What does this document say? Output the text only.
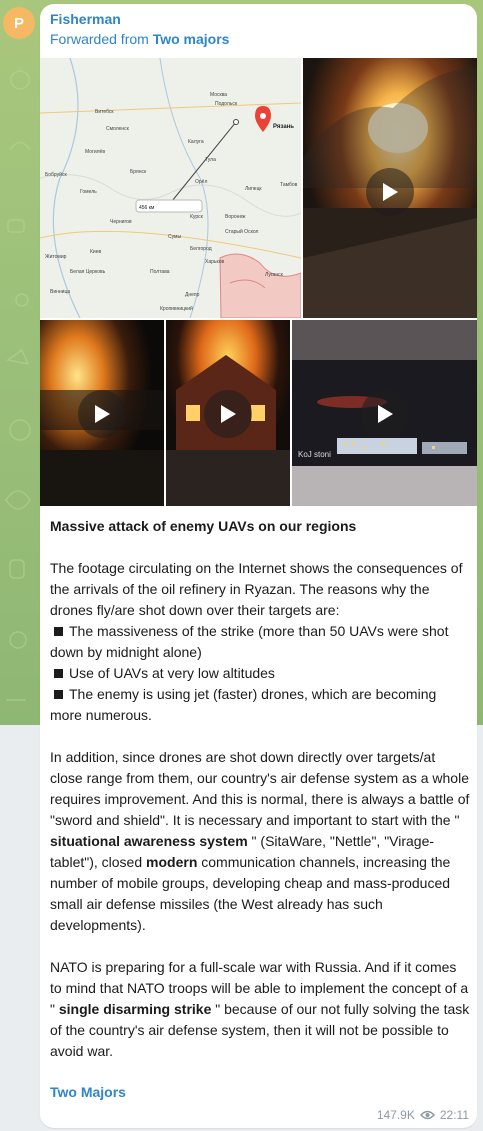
P Fisherman
Forwarded from Two majors
Москва
Подольск
Калуга
Тула
Смоленск
Брянск
Орёл
Курск	Воронеж
Липецк
Тамбов
Белгород
Харьков
Сумы
Киев
Чернигов
Днепр
Полтава
Житомир
Гомель
Витебск
Могилёв
Бобруйск
Старый Оскол
Кропивницкий
Винница
Белая Церковь	Луганск
456 км
Рязань
KoJ stoni

Massive attack of enemy UAVs on our regions

The footage circulating on the Internet shows the consequences of the arrivals of the oil refinery in Ryazan. The reasons why the drones fly/are shot down over their targets are:

The massiveness of the strike (more than 50 UAVs were shot down by midnight alone)
Use of UAVs at very low altitudes
The enemy is using jet (faster) drones, which are becoming more numerous.

In addition, since drones are shot down directly over targets/at close range from them, our country's air defense system as a whole requires improvement. And this is normal, there is always a battle of "sword and shield". It is necessary and important to start with the " situational awareness system " (SitaWare, "Nettle", "Virage-tablet"), closed modern communication channels, increasing the number of mobile groups, developing cheap and mass-produced small air defense missiles (the West already has such developments).

NATO is preparing for a full-scale war with Russia. And if it comes to mind that NATO troops will be able to implement the concept of a " single disarming strike " because of our not fully solving the task of the country's air defense system, then it will not be possible to avoid war.

Two Majors
147.9K 22:11
